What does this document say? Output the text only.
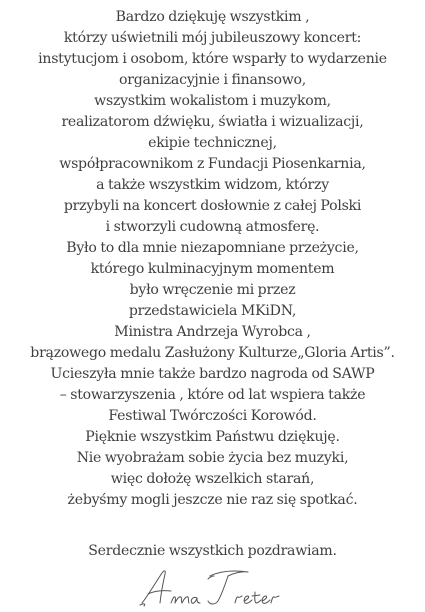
Bardzo dziękuję wszystkim ,
którzy uświetnili mój jubileuszowy koncert:
instytucjom i osobom, które wsparły to wydarzenie
organizacyjnie i finansowo,
wszystkim wokalistom i muzykom,
realizatorom dźwięku, światła i wizualizacji,
ekipie technicznej,
współpracownikom z Fundacji Piosenkarnia,
a także wszystkim widzom, którzy
przybyli na koncert dosłownie z całej Polski
i stworzyli cudowną atmosferę.
Było to dla mnie niezapomniane przeżycie,
którego kulminacyjnym momentem
było wręczenie mi przez
przedstawiciela MKiDN,
Ministra Andrzeja Wyrobca ,
brązowego medalu Zasłużony Kulturze„Gloria Artis”.
Ucieszyła mnie także bardzo nagroda od SAWP
– stowarzyszenia , które od lat wspiera także
Festiwal Twórczości Korowód.
Pięknie wszystkim Państwu dziękuję.
Nie wyobrażam sobie życia bez muzyki,
więc dołożę wszelkich starań,
żebyśmy mogli jeszcze nie raz się spotkać.
Serdecznie wszystkich pozdrawiam.
